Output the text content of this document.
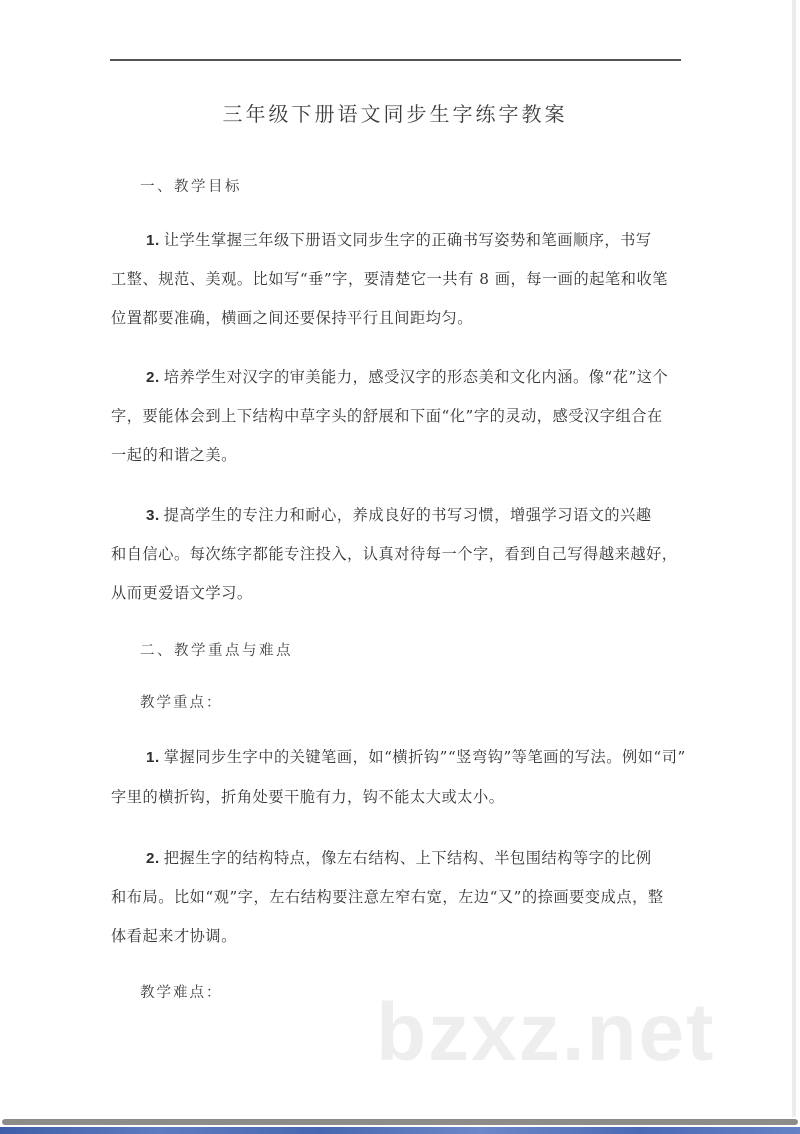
三年级下册语文同步生字练字教案
一、教学目标
1. 让学生掌握三年级下册语文同步生字的正确书写姿势和笔画顺序，书写
工整、规范、美观。比如写“垂”字，要清楚它一共有 8 画，每一画的起笔和收笔
位置都要准确，横画之间还要保持平行且间距均匀。
2. 培养学生对汉字的审美能力，感受汉字的形态美和文化内涵。像“花”这个
字，要能体会到上下结构中草字头的舒展和下面“化”字的灵动，感受汉字组合在
一起的和谐之美。
3. 提高学生的专注力和耐心，养成良好的书写习惯，增强学习语文的兴趣
和自信心。每次练字都能专注投入，认真对待每一个字，看到自己写得越来越好，
从而更爱语文学习。
二、教学重点与难点
教学重点：
1. 掌握同步生字中的关键笔画，如“横折钩”“竖弯钩”等笔画的写法。例如“司”
字里的横折钩，折角处要干脆有力，钩不能太大或太小。
2. 把握生字的结构特点，像左右结构、上下结构、半包围结构等字的比例
和布局。比如“观”字，左右结构要注意左窄右宽，左边“又”的捺画要变成点，整
体看起来才协调。
教学难点： bzxz.net
